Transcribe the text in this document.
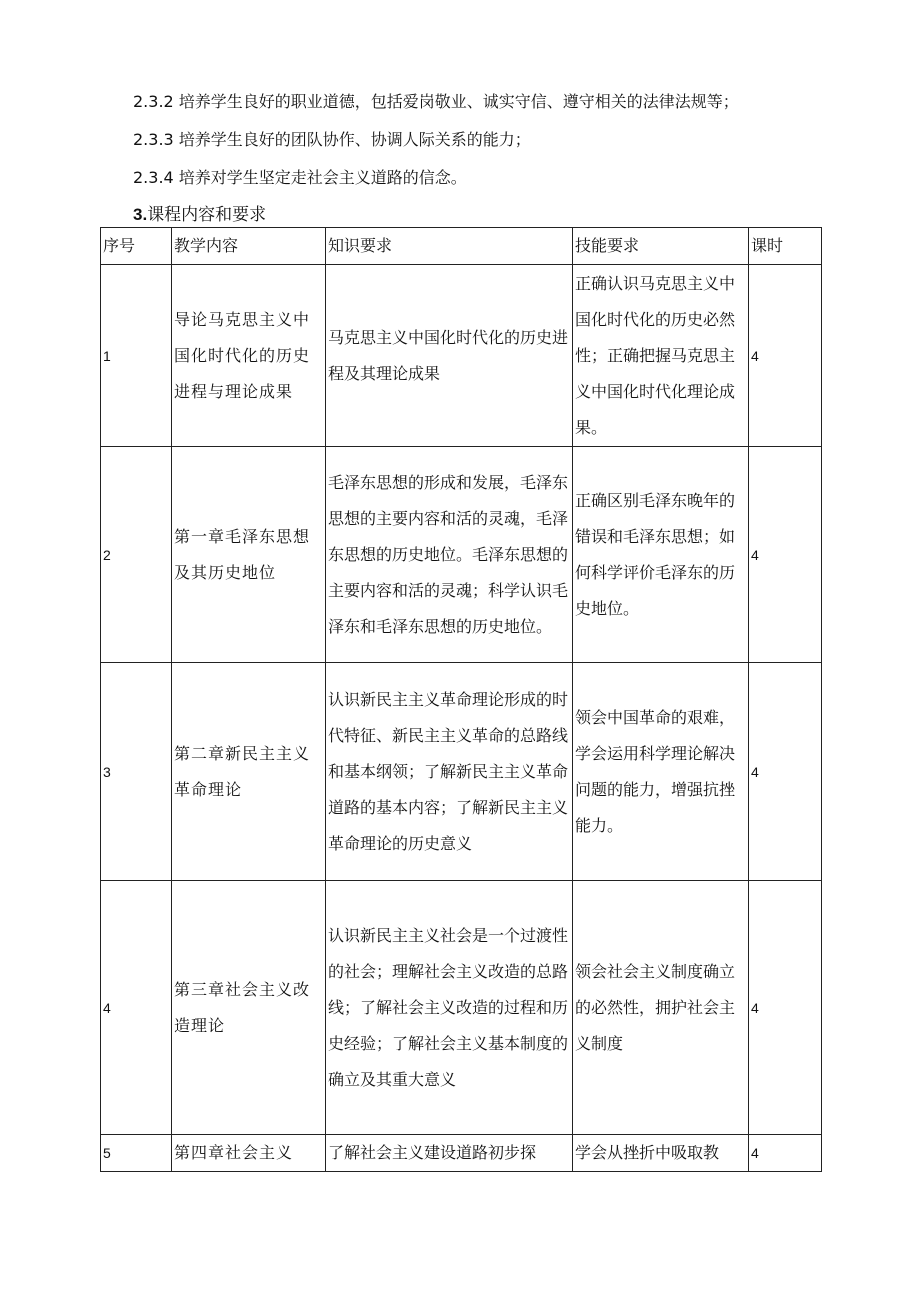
2.3.2 培养学生良好的职业道德，包括爱岗敬业、诚实守信、遵守相关的法律法规等；
2.3.3 培养学生良好的团队协作、协调人际关系的能力；
2.3.4 培养对学生坚定走社会主义道路的信念。
3.课程内容和要求
序号	教学内容	知识要求	技能要求	课时
1	导论马克思主义中国化时代化的历史进程与理论成果	马克思主义中国化时代化的历史进程及其理论成果	正确认识马克思主义中国化时代化的历史必然性；正确把握马克思主义中国化时代化理论成果。	4
2	第一章毛泽东思想及其历史地位	毛泽东思想的形成和发展，毛泽东思想的主要内容和活的灵魂，毛泽东思想的历史地位。毛泽东思想的主要内容和活的灵魂；科学认识毛泽东和毛泽东思想的历史地位。	正确区别毛泽东晚年的错误和毛泽东思想；如何科学评价毛泽东的历史地位。	4
3	第二章新民主主义革命理论	认识新民主主义革命理论形成的时代特征、新民主主义革命的总路线和基本纲领；了解新民主主义革命道路的基本内容；了解新民主主义革命理论的历史意义	领会中国革命的艰难，学会运用科学理论解决问题的能力，增强抗挫能力。	4
4	第三章社会主义改造理论	认识新民主主义社会是一个过渡性的社会；理解社会主义改造的总路线；了解社会主义改造的过程和历史经验；了解社会主义基本制度的确立及其重大意义	领会社会主义制度确立的必然性，拥护社会主义制度	4
5	第四章社会主义	了解社会主义建设道路初步探	学会从挫折中吸取教	4
